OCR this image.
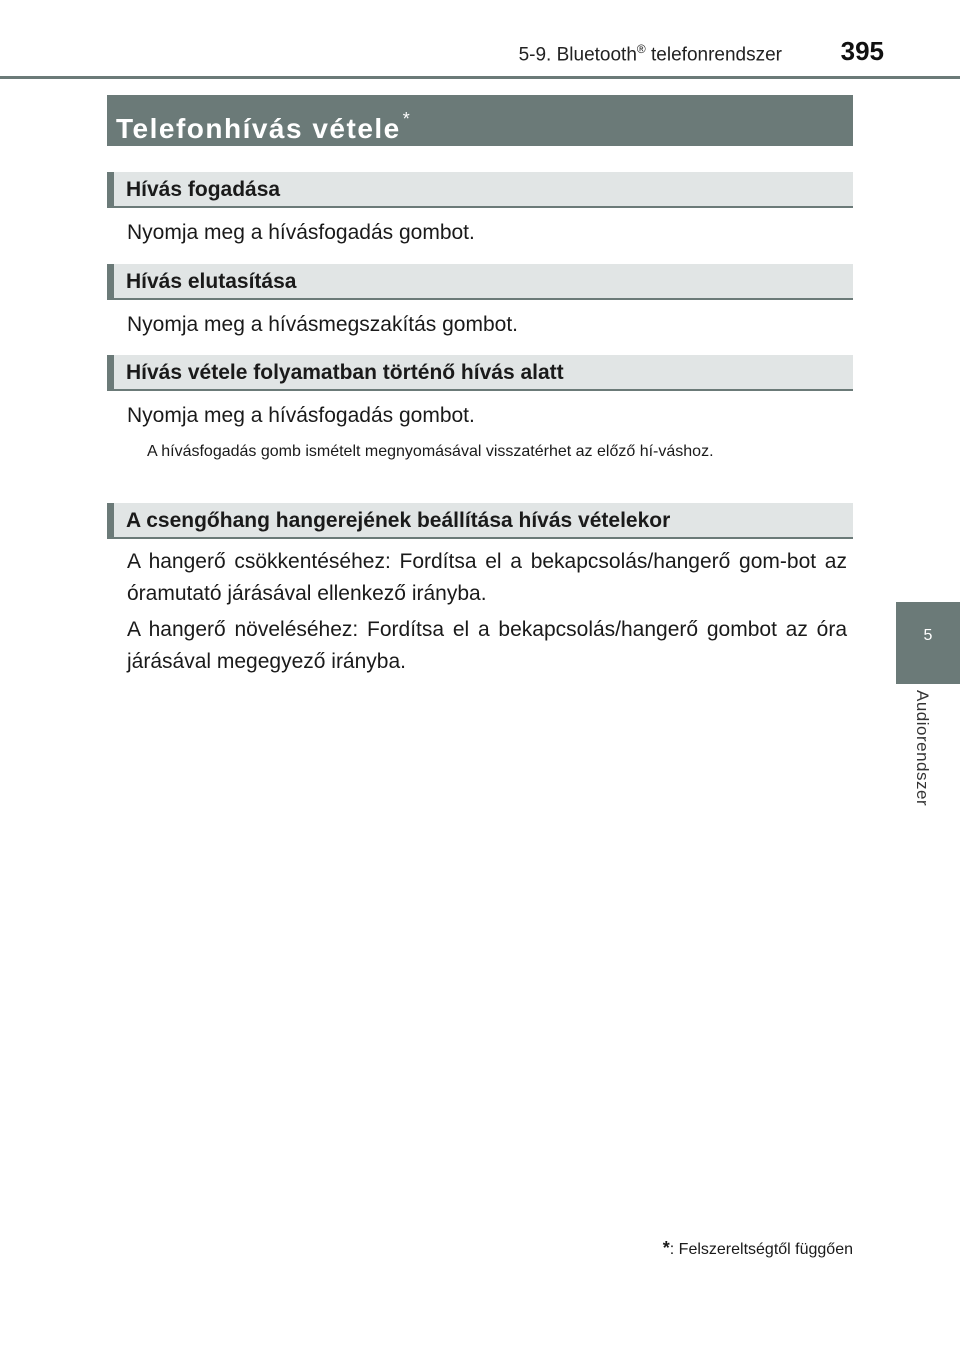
5-9. Bluetooth® telefonrendszer 395
5
Audiorendszer
Telefonhívás vétele *
Hívás fogadása
Nyomja meg a hívásfogadás gombot.
Hívás elutasítása
Nyomja meg a hívásmegszakítás gombot.
Hívás vétele folyamatban történő hívás alatt
Nyomja meg a hívásfogadás gombot.
A hívásfogadás gomb ismételt megnyomásával visszatérhet az előző hí-váshoz.
A csengőhang hangerejének beállítása hívás vételekor
A hangerő csökkentéséhez: Fordítsa el a bekapcsolás/hangerő gom-bot az óramutató járásával ellenkező irányba.
A hangerő növeléséhez: Fordítsa el a bekapcsolás/hangerő gombot az óra járásával megegyező irányba.
*: Felszereltségtől függően
